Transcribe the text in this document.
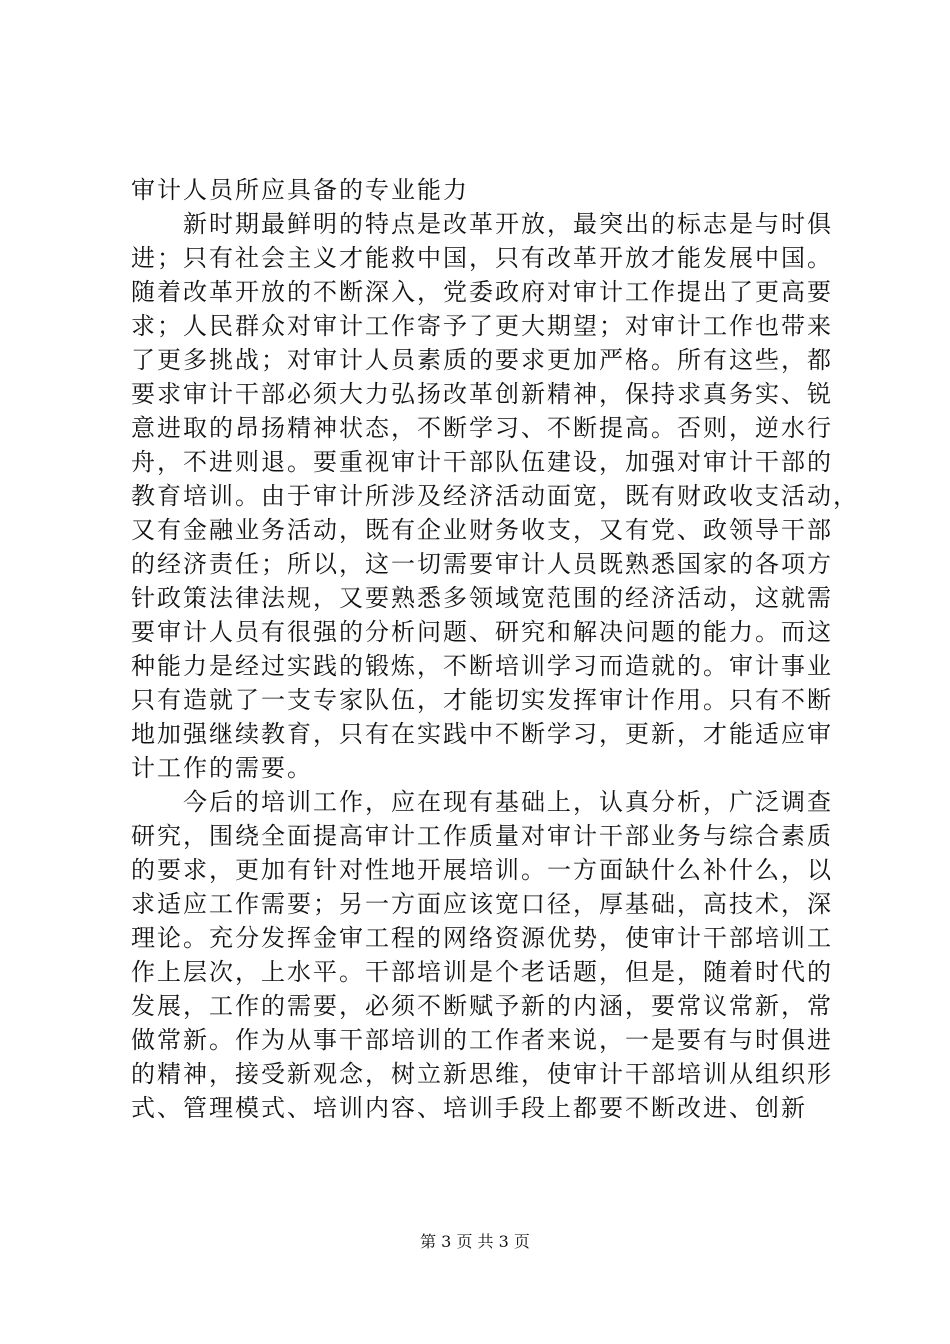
审计人员所应具备的专业能力
　　新时期最鲜明的特点是改革开放，最突出的标志是与时俱
进；只有社会主义才能救中国，只有改革开放才能发展中国。
随着改革开放的不断深入，党委政府对审计工作提出了更高要
求；人民群众对审计工作寄予了更大期望；对审计工作也带来
了更多挑战；对审计人员素质的要求更加严格。所有这些，都
要求审计干部必须大力弘扬改革创新精神，保持求真务实、锐
意进取的昂扬精神状态，不断学习、不断提高。否则，逆水行
舟，不进则退。要重视审计干部队伍建设，加强对审计干部的
教育培训。由于审计所涉及经济活动面宽，既有财政收支活动，
又有金融业务活动，既有企业财务收支，又有党、政领导干部
的经济责任；所以，这一切需要审计人员既熟悉国家的各项方
针政策法律法规，又要熟悉多领域宽范围的经济活动，这就需
要审计人员有很强的分析问题、研究和解决问题的能力。而这
种能力是经过实践的锻炼，不断培训学习而造就的。审计事业
只有造就了一支专家队伍，才能切实发挥审计作用。只有不断
地加强继续教育，只有在实践中不断学习，更新，才能适应审
计工作的需要。
　　今后的培训工作，应在现有基础上，认真分析，广泛调查
研究，围绕全面提高审计工作质量对审计干部业务与综合素质
的要求，更加有针对性地开展培训。一方面缺什么补什么，以
求适应工作需要；另一方面应该宽口径，厚基础，高技术，深
理论。充分发挥金审工程的网络资源优势，使审计干部培训工
作上层次，上水平。干部培训是个老话题，但是，随着时代的
发展，工作的需要，必须不断赋予新的内涵，要常议常新，常
做常新。作为从事干部培训的工作者来说，一是要有与时俱进
的精神，接受新观念，树立新思维，使审计干部培训从组织形
式、管理模式、培训内容、培训手段上都要不断改进、创新
第 3 页 共 3 页
